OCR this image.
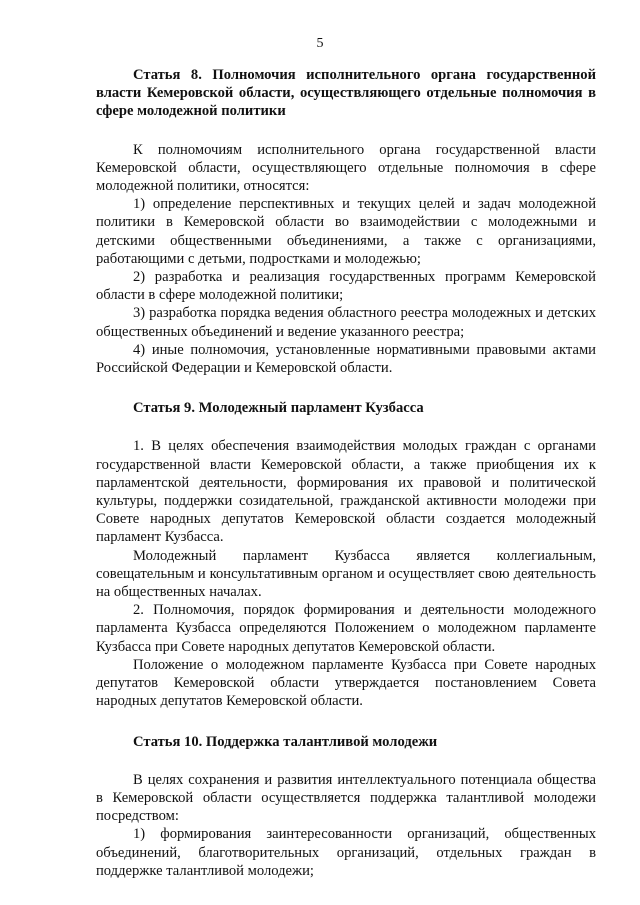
5

Статья 8. Полномочия исполнительного органа государственной власти Кемеровской области, осуществляющего отдельные полномочия в сфере молодежной политики

К полномочиям исполнительного органа государственной власти Кемеровской области, осуществляющего отдельные полномочия в сфере молодежной политики, относятся:

1) определение перспективных и текущих целей и задач молодежной политики в Кемеровской области во взаимодействии с молодежными и детскими общественными объединениями, а также с организациями, работающими с детьми, подростками и молодежью;

2) разработка и реализация государственных программ Кемеровской области в сфере молодежной политики;

3) разработка порядка ведения областного реестра молодежных и детских общественных объединений и ведение указанного реестра;

4) иные полномочия, установленные нормативными правовыми актами Российской Федерации и Кемеровской области.

Статья 9. Молодежный парламент Кузбасса

1. В целях обеспечения взаимодействия молодых граждан с органами государственной власти Кемеровской области, а также приобщения их к парламентской деятельности, формирования их правовой и политической культуры, поддержки созидательной, гражданской активности молодежи при Совете народных депутатов Кемеровской области создается молодежный парламент Кузбасса.

Молодежный парламент Кузбасса является коллегиальным, совещательным и консультативным органом и осуществляет свою деятельность на общественных началах.

2. Полномочия, порядок формирования и деятельности молодежного парламента Кузбасса определяются Положением о молодежном парламенте Кузбасса при Совете народных депутатов Кемеровской области.

Положение о молодежном парламенте Кузбасса при Совете народных депутатов Кемеровской области утверждается постановлением Совета народных депутатов Кемеровской области.

Статья 10. Поддержка талантливой молодежи

В целях сохранения и развития интеллектуального потенциала общества в Кемеровской области осуществляется поддержка талантливой молодежи посредством:

1) формирования заинтересованности организаций, общественных объединений, благотворительных организаций, отдельных граждан в поддержке талантливой молодежи;
